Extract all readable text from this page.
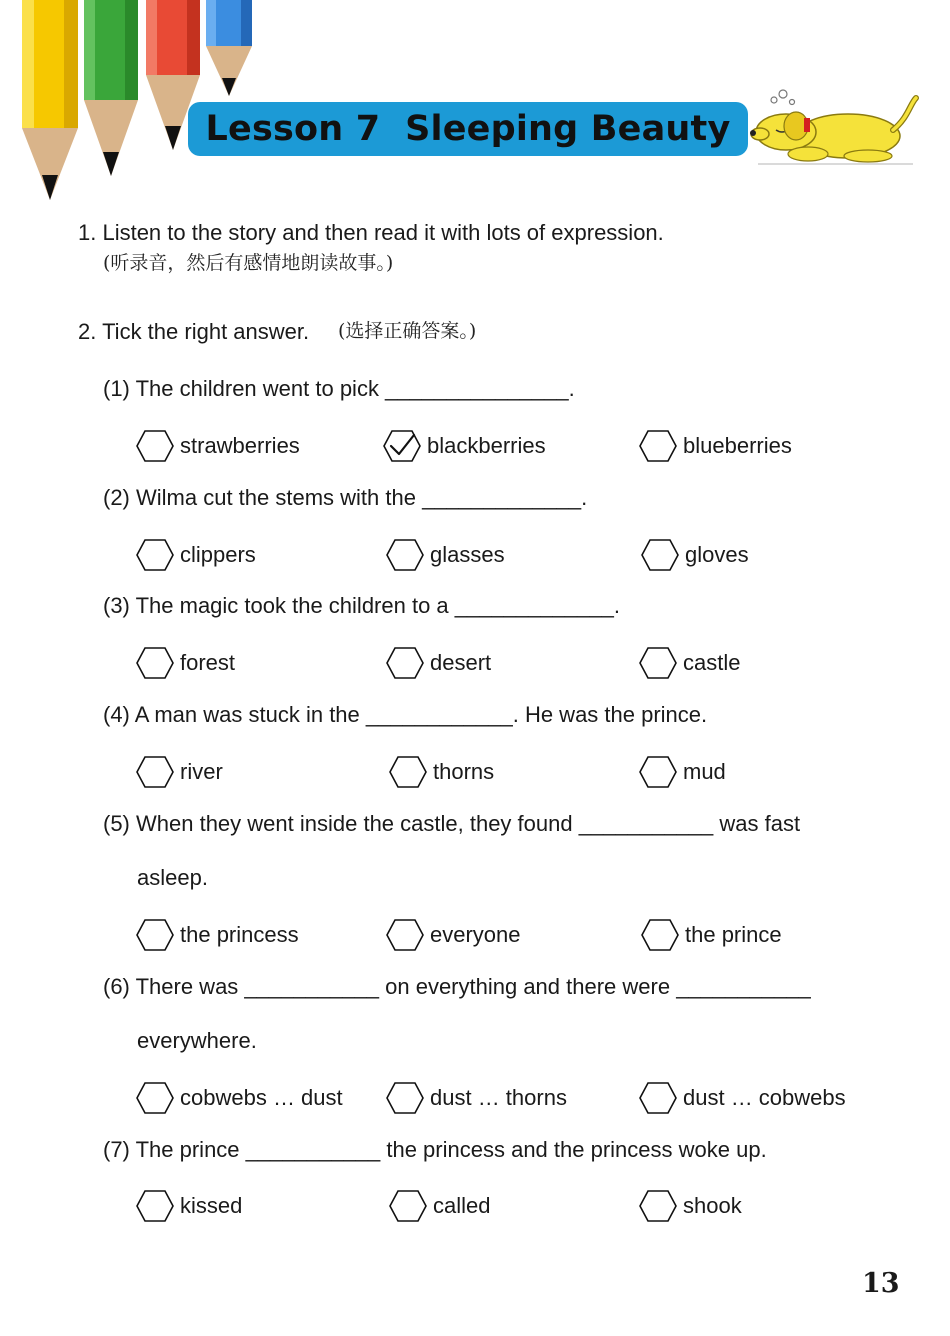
Lesson 7  Sleeping Beauty
1. Listen to the story and then read it with lots of expression.
(听录音，然后有感情地朗读故事。)
2. Tick the right answer. (选择正确答案。)
(1) The children went to pick _______________.
strawberries	blackberries	blueberries
(2) Wilma cut the stems with the _____________.
clippers	glasses	gloves
(3) The magic took the children to a _____________.
forest	desert	castle
(4) A man was stuck in the ____________. He was the prince.
river	thorns	mud
(5) When they went inside the castle, they found ___________ was fast
asleep.
the princess	everyone	the prince
(6) There was ___________ on everything and there were ___________
everywhere.
cobwebs … dust	dust … thorns	dust … cobwebs
(7) The prince ___________ the princess and the princess woke up.
kissed	called	shook
13
